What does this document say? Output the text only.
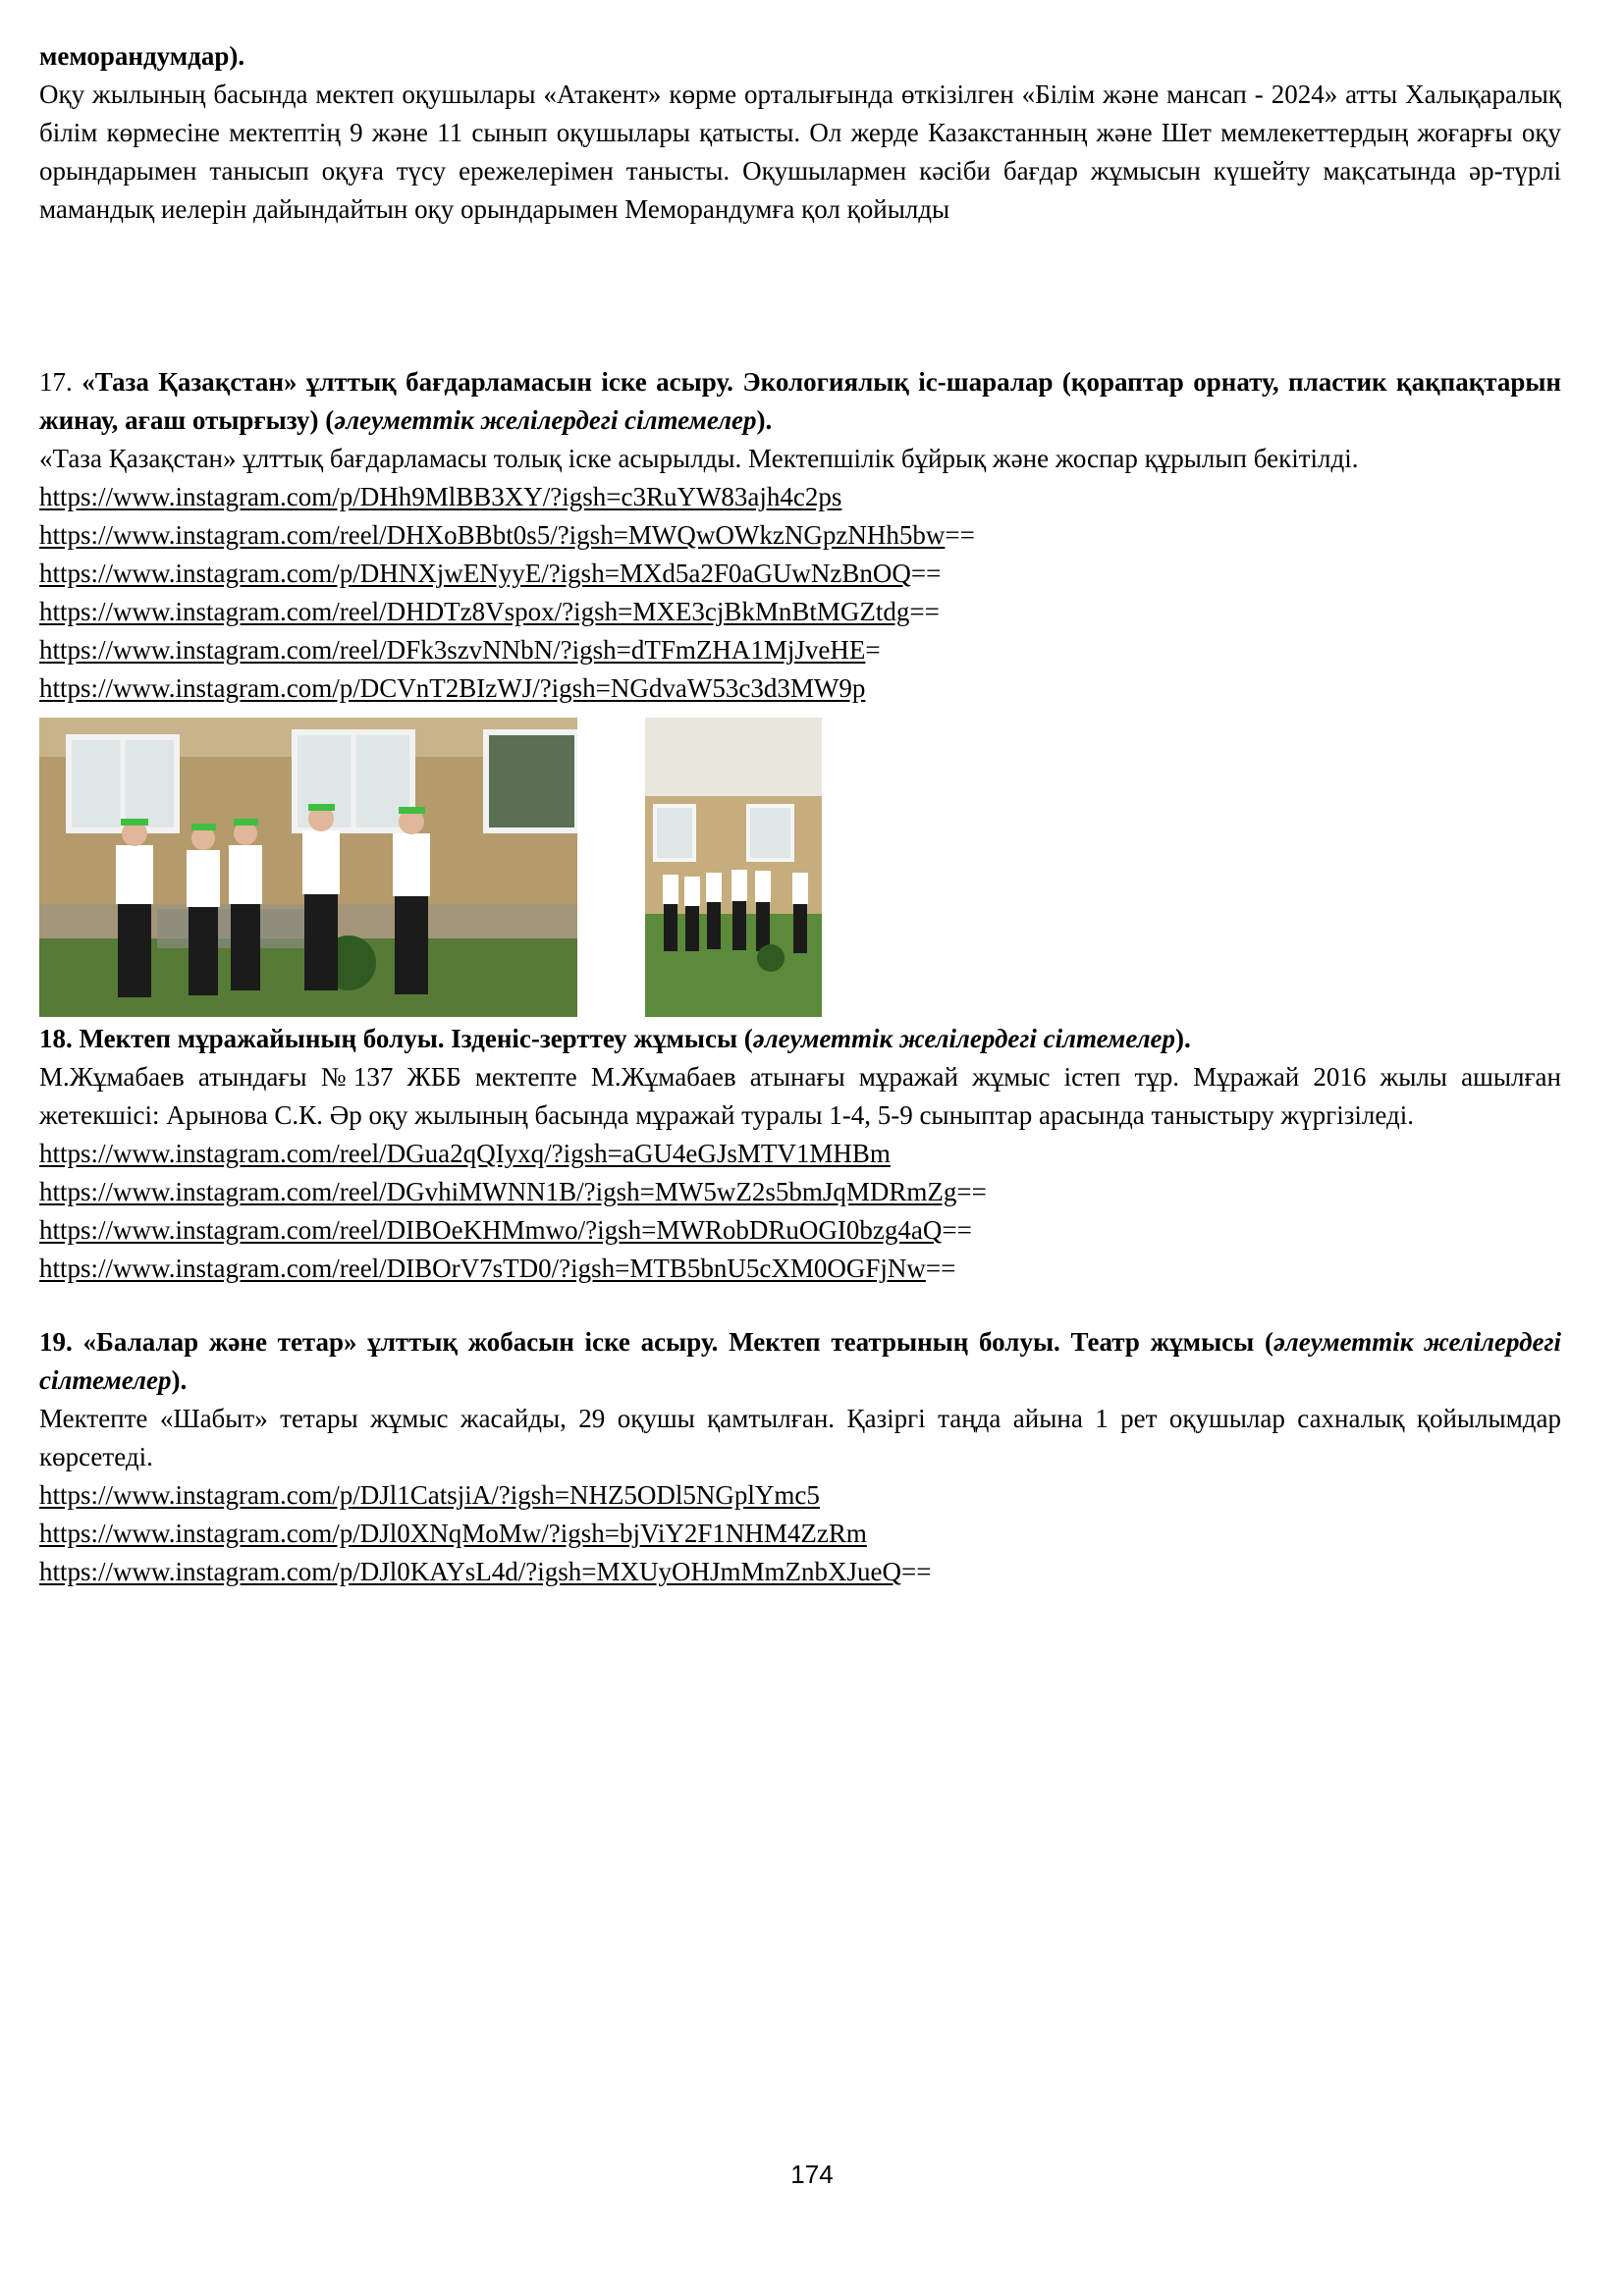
меморандумдар).

Оқу жылының басында мектеп оқушылары «Атакент» көрме орталығында өткізілген «Білім және мансап - 2024» атты Халықаралық білім көрмесіне мектептің 9 және 11 сынып оқушылары қатысты. Ол жерде Казакстанның және Шет мемлекеттердың жоғарғы оқу орындарымен танысып оқуға түсу ережелерімен танысты. Оқушылармен кәсіби бағдар жұмысын күшейту мақсатында әр-түрлі мамандық иелерін дайындайтын оқу орындарымен Меморандумға қол қойылды

17. «Таза Қазақстан» ұлттық бағдарламасын іске асыру. Экологиялық іс-шаралар (қораптар орнату, пластик қақпақтарын жинау, ағаш отырғызу) (әлеуметтік желілердегі сілтемелер).

«Таза Қазақстан» ұлттық бағдарламасы толық іске асырылды. Мектепшілік бұйрық және жоспар құрылып бекітілді.

https://www.instagram.com/p/DHh9MlBB3XY/?igsh=c3RuYW83ajh4c2ps
https://www.instagram.com/reel/DHXoBBbt0s5/?igsh=MWQwOWkzNGpzNHh5bw==
https://www.instagram.com/p/DHNXjwENyyE/?igsh=MXd5a2F0aGUwNzBnOQ==
https://www.instagram.com/reel/DHDTz8Vspox/?igsh=MXE3cjBkMnBtMGZtdg==
https://www.instagram.com/reel/DFk3szvNNbN/?igsh=dTFmZHA1MjJveHE=
https://www.instagram.com/p/DCVnT2BIzWJ/?igsh=NGdvaW53c3d3MW9p

18. Мектеп мұражайының болуы. Ізденіс-зерттеу жұмысы (әлеуметтік желілердегі сілтемелер).

М.Жұмабаев атындағы №137 ЖББ мектепте М.Жұмабаев атынағы мұражай жұмыс істеп тұр. Мұражай 2016 жылы ашылған жетекшісі: Арынова С.К. Әр оқу жылының басында мұражай туралы 1-4, 5-9 сыныптар арасында таныстыру жүргізіледі.

https://www.instagram.com/reel/DGua2qQIyxq/?igsh=aGU4eGJsMTV1MHBm
https://www.instagram.com/reel/DGvhiMWNN1B/?igsh=MW5wZ2s5bmJqMDRmZg==
https://www.instagram.com/reel/DIBOeKHMmwo/?igsh=MWRobDRuOGI0bzg4aQ==
https://www.instagram.com/reel/DIBOrV7sTD0/?igsh=MTB5bnU5cXM0OGFjNw==

19. «Балалар және тетар» ұлттық жобасын іске асыру. Мектеп театрының болуы. Театр жұмысы (әлеуметтік желілердегі сілтемелер).

Мектепте «Шабыт» тетары жұмыс жасайды, 29 оқушы қамтылған. Қазіргі таңда айына 1 рет оқушылар сахналық қойылымдар көрсетеді.

https://www.instagram.com/p/DJl1CatsjiA/?igsh=NHZ5ODl5NGplYmc5
https://www.instagram.com/p/DJl0XNqMoMw/?igsh=bjViY2F1NHM4ZzRm
https://www.instagram.com/p/DJl0KAYsL4d/?igsh=MXUyOHJmMmZnbXJueQ==
174
